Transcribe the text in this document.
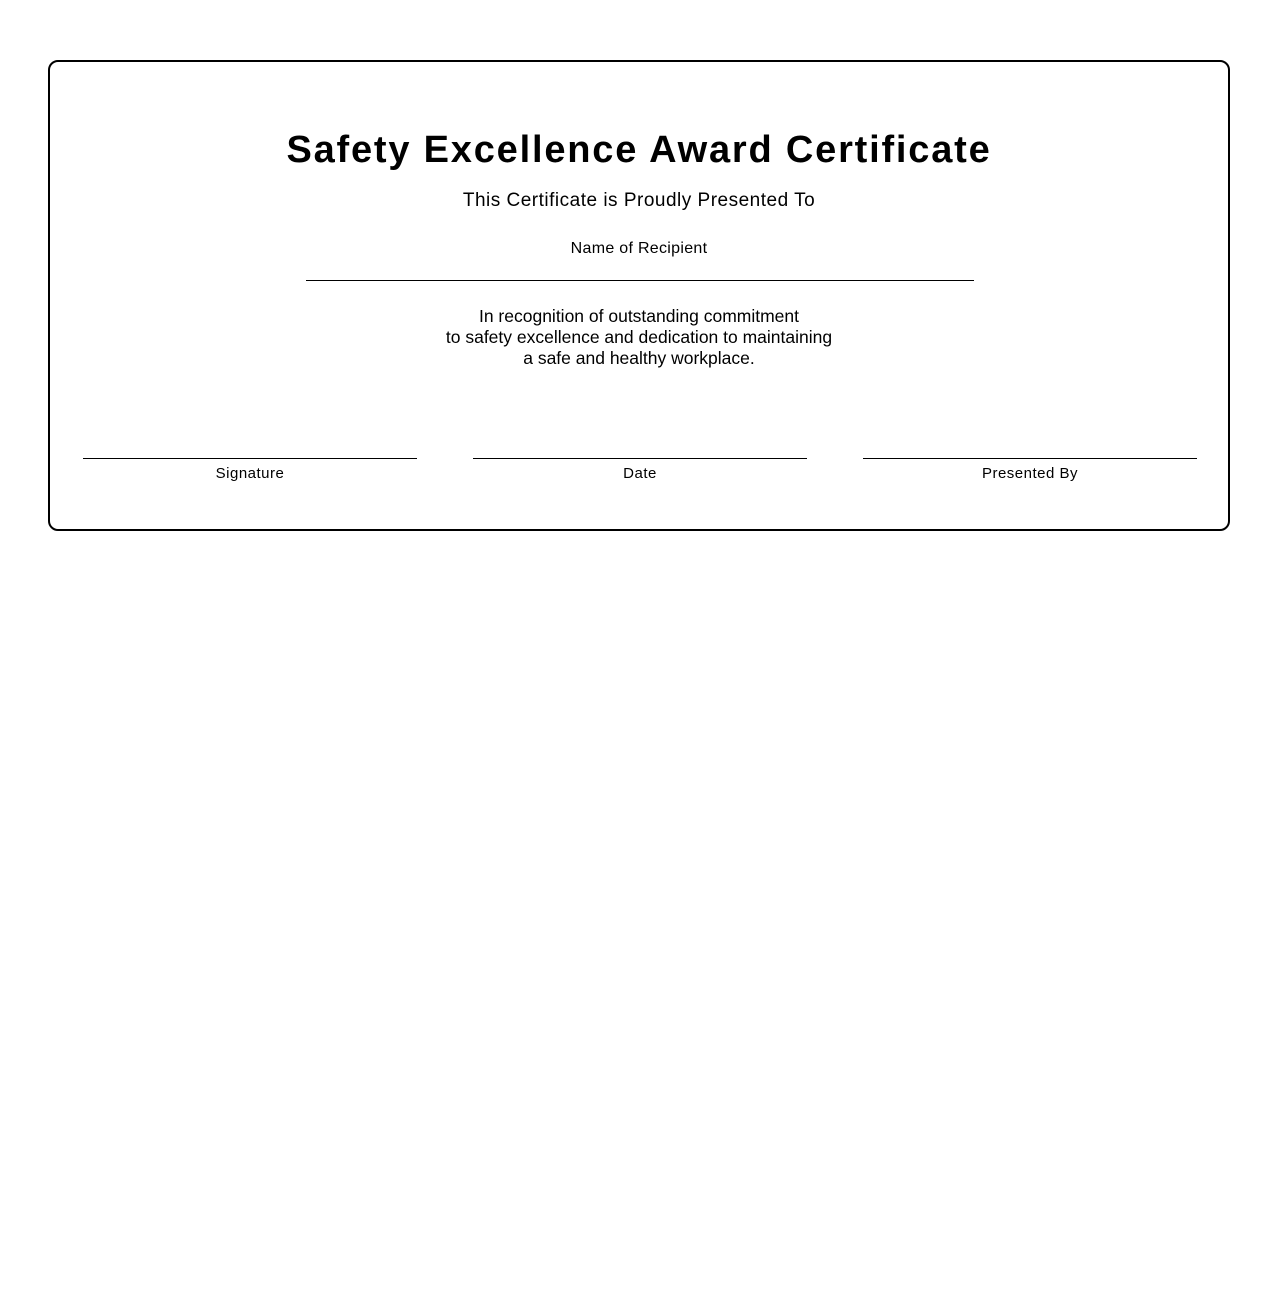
Safety Excellence Award Certificate
This Certificate is Proudly Presented To
Name of Recipient
In recognition of outstanding commitment
to safety excellence and dedication to maintaining
a safe and healthy workplace.
Signature	Date	Presented By
